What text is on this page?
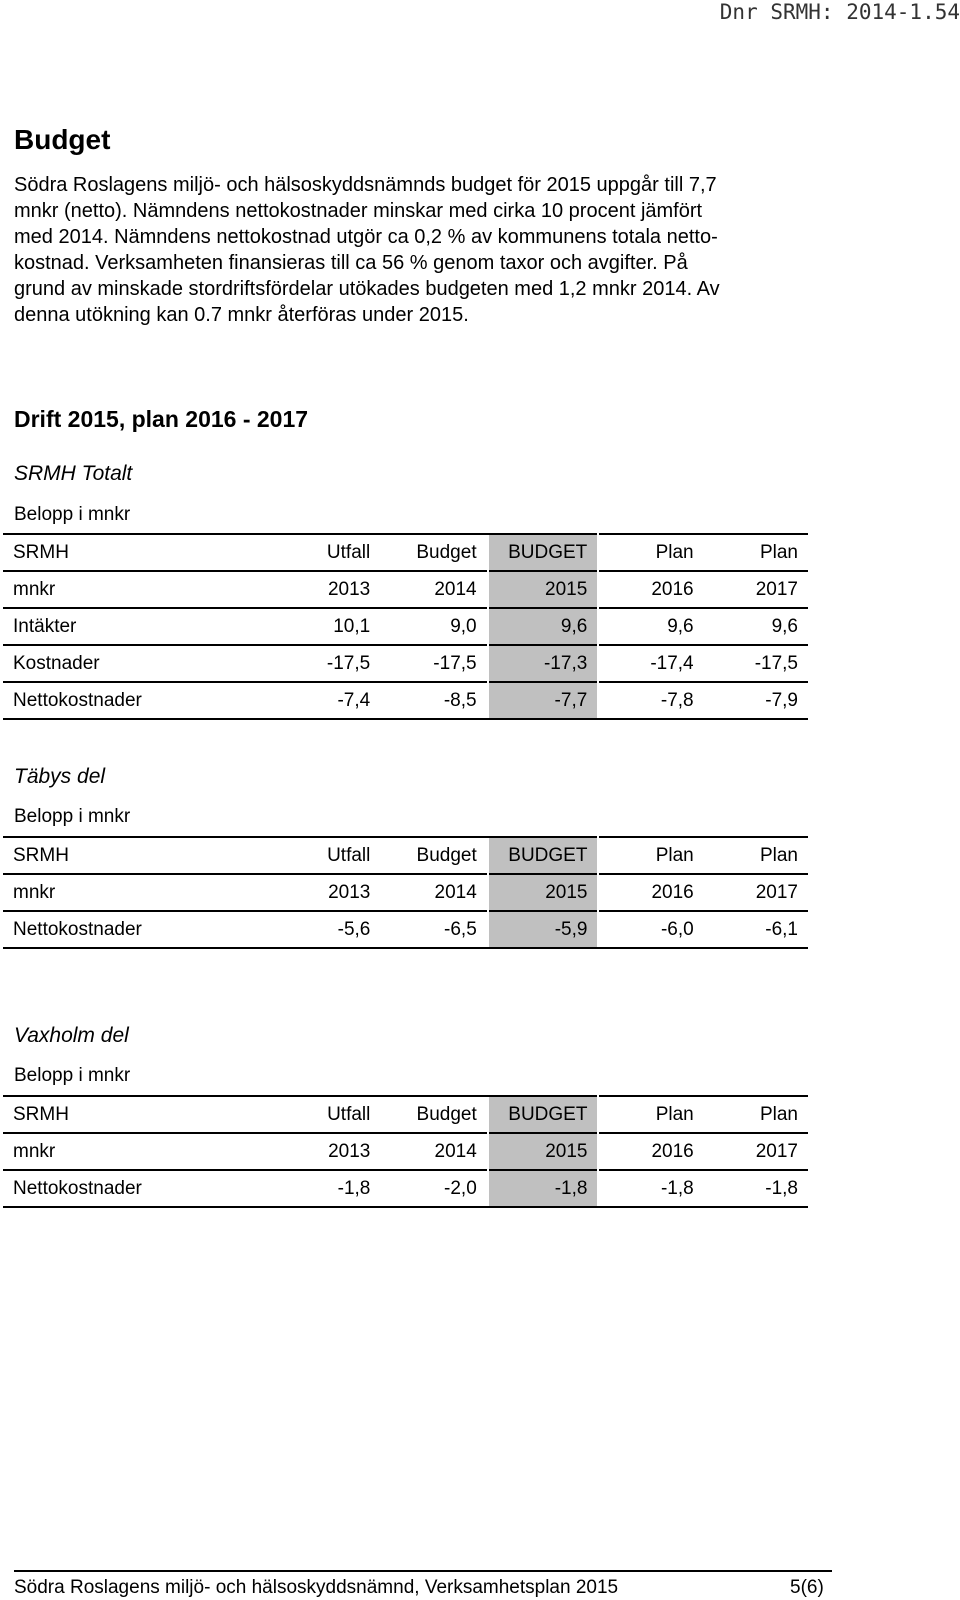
Dnr SRMH: 2014-1.54
Budget

Södra Roslagens miljö- och hälsoskyddsnämnds budget för 2015 uppgår till 7,7
mnkr (netto). Nämndens nettokostnader minskar med cirka 10 procent jämfört
med 2014. Nämndens nettokostnad utgör ca 0,2 % av kommunens totala netto-
kostnad. Verksamheten finansieras till ca 56 % genom taxor och avgifter. På
grund av minskade stordriftsfördelar utökades budgeten med 1,2 mnkr 2014. Av
denna utökning kan 0.7 mnkr återföras under 2015.

Drift 2015, plan 2016 - 2017

SRMH Totalt

Belopp i mnkr

SRMH	Utfall	Budget	BUDGET	Plan	Plan
mnkr	2013	2014	2015	2016	2017
Intäkter	10,1	9,0	9,6	9,6	9,6
Kostnader	-17,5	-17,5	-17,3	-17,4	-17,5
Nettokostnader	-7,4	-8,5	-7,7	-7,8	-7,9

Täbys del

Belopp i mnkr

SRMH	Utfall	Budget	BUDGET	Plan	Plan
mnkr	2013	2014	2015	2016	2017
Nettokostnader	-5,6	-6,5	-5,9	-6,0	-6,1

Vaxholm del

Belopp i mnkr

SRMH	Utfall	Budget	BUDGET	Plan	Plan
mnkr	2013	2014	2015	2016	2017
Nettokostnader	-1,8	-2,0	-1,8	-1,8	-1,8
Södra Roslagens miljö- och hälsoskyddsnämnd, Verksamhetsplan 2015	5(6)
